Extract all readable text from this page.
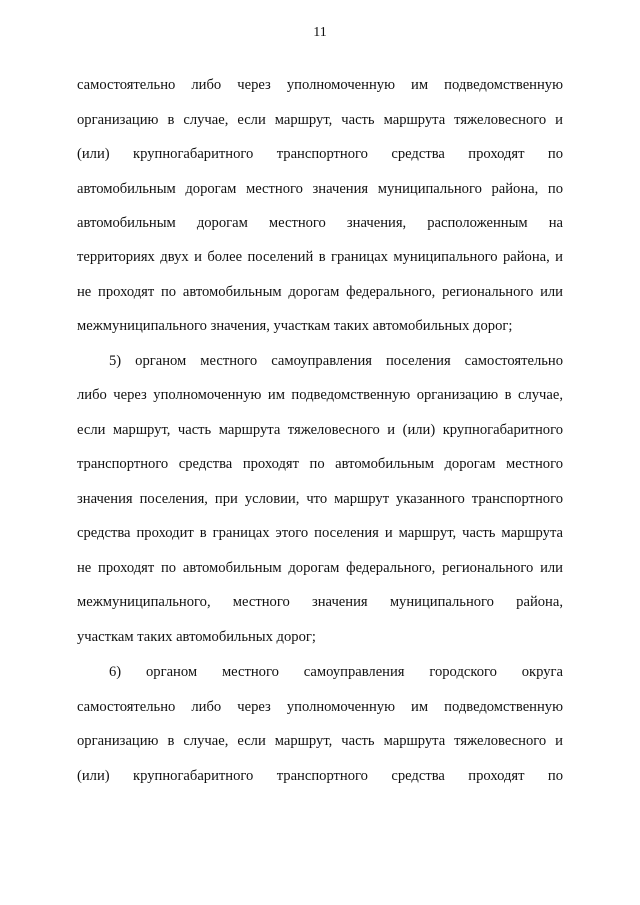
11
самостоятельно либо через уполномоченную им подведомственную
организацию в случае, если маршрут, часть маршрута тяжеловесного и
(или) крупногабаритного транспортного средства проходят по
автомобильным дорогам местного значения муниципального района, по
автомобильным дорогам местного значения, расположенным на
территориях двух и более поселений в границах муниципального района, и
не проходят по автомобильным дорогам федерального, регионального или
межмуниципального значения, участкам таких автомобильных дорог;
5) органом местного самоуправления поселения самостоятельно
либо через уполномоченную им подведомственную организацию в случае,
если маршрут, часть маршрута тяжеловесного и (или) крупногабаритного
транспортного средства проходят по автомобильным дорогам местного
значения поселения, при условии, что маршрут указанного транспортного
средства проходит в границах этого поселения и маршрут, часть маршрута
не проходят по автомобильным дорогам федерального, регионального или
межмуниципального, местного значения муниципального района,
участкам таких автомобильных дорог;
6) органом местного самоуправления городского округа
самостоятельно либо через уполномоченную им подведомственную
организацию в случае, если маршрут, часть маршрута тяжеловесного и
(или) крупногабаритного транспортного средства проходят по
